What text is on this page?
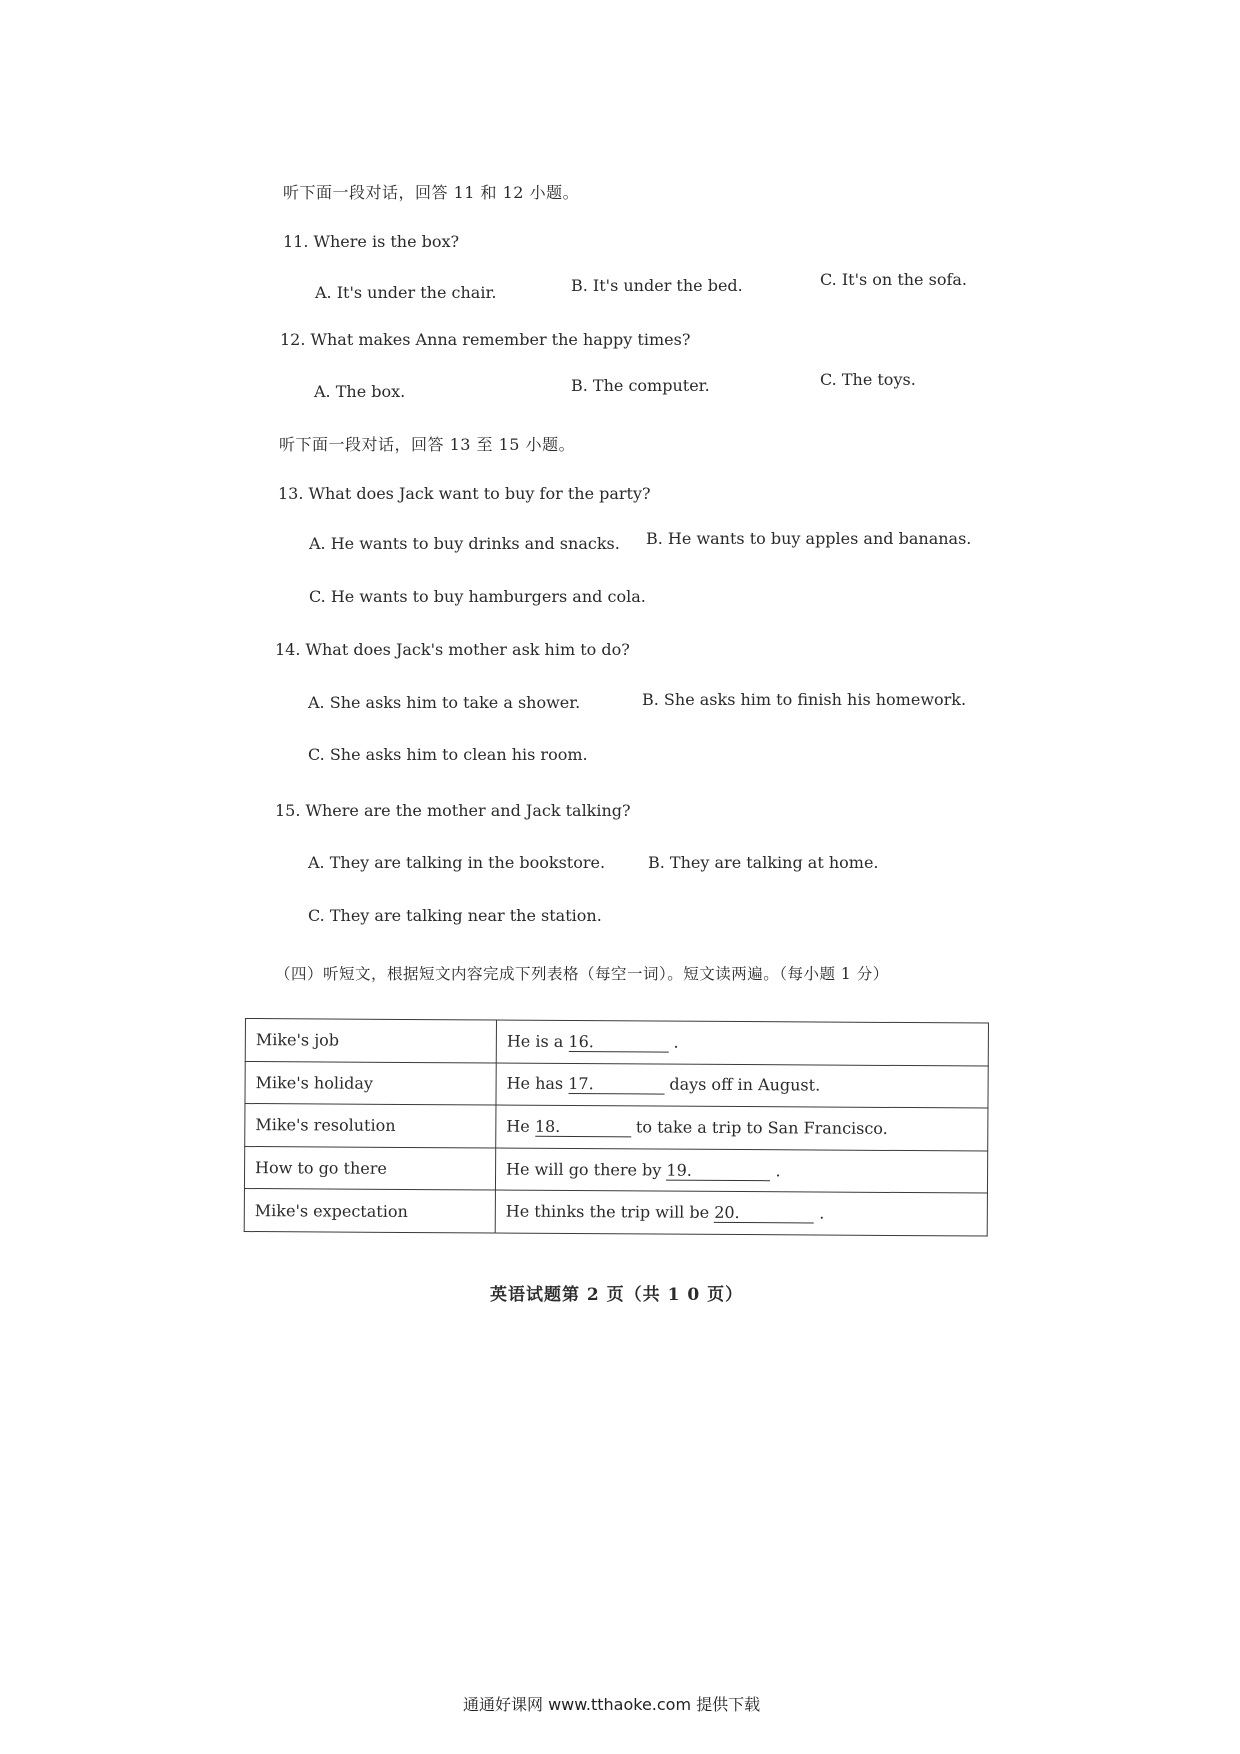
听下面一段对话，回答 11 和 12 小题。
11. Where is the box?
A. It's under the chair.	B. It's under the bed.	C. It's on the sofa.
12. What makes Anna remember the happy times?
A. The box.	B. The computer.	C. The toys.
听下面一段对话，回答 13 至 15 小题。
13. What does Jack want to buy for the party?
A. He wants to buy drinks and snacks. B. He wants to buy apples and bananas.
C. He wants to buy hamburgers and cola.
14. What does Jack's mother ask him to do?
A. She asks him to take a shower.	B. She asks him to finish his homework.
C. She asks him to clean his room.
15. Where are the mother and Jack talking?
A. They are talking in the bookstore.	B. They are talking at home.
C. They are talking near the station.
（四）听短文，根据短文内容完成下列表格（每空一词）。短文读两遍。（每小题 1 分）
Mike's job	He is a 16. .
Mike's holiday	He has 17. days off in August.
Mike's resolution	He 18. to take a trip to San Francisco.
How to go there	He will go there by 19. .
Mike's expectation	He thinks the trip will be 20. .
英语试题第 2 页（共 1 0 页）
通通好课网 www.tthaoke.com 提供下载
